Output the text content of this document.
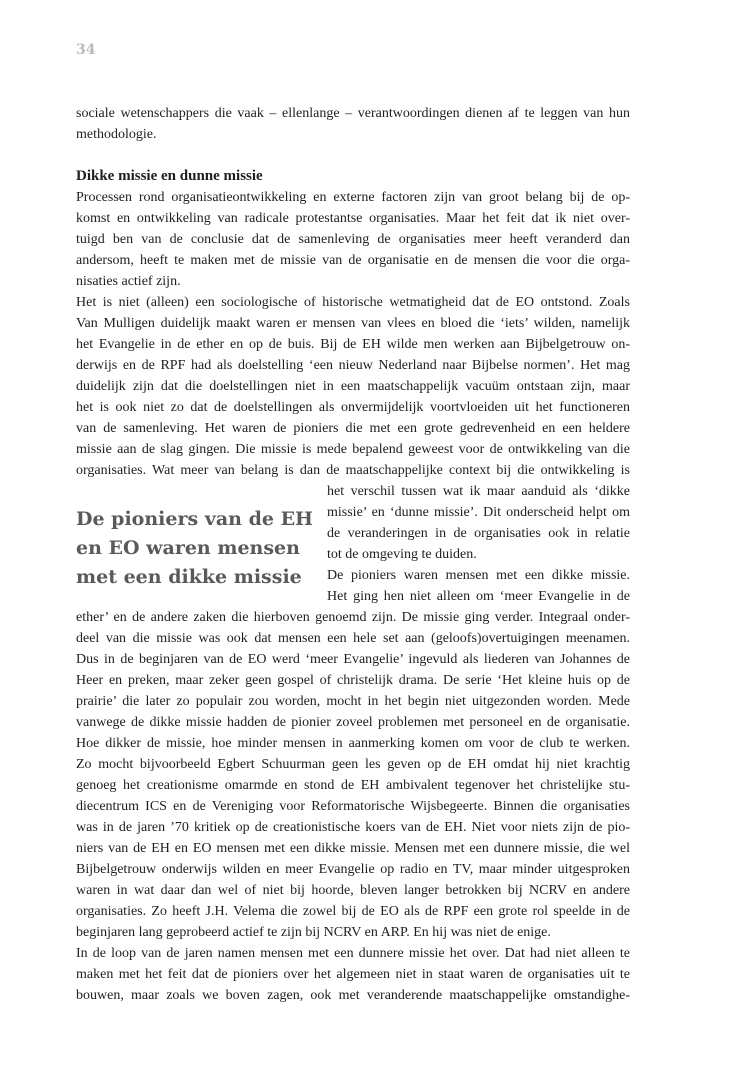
34
sociale wetenschappers die vaak – ellenlange – verantwoordingen dienen af te leggen van hun
methodologie.
Dikke missie en dunne missie
Processen rond organisatieontwikkeling en externe factoren zijn van groot belang bij de op-
komst en ontwikkeling van radicale protestantse organisaties. Maar het feit dat ik niet over-
tuigd ben van de conclusie dat de samenleving de organisaties meer heeft veranderd dan
andersom, heeft te maken met de missie van de organisatie en de mensen die voor die orga-
nisaties actief zijn.
Het is niet (alleen) een sociologische of historische wetmatigheid dat de EO ontstond. Zoals
Van Mulligen duidelijk maakt waren er mensen van vlees en bloed die ‘iets’ wilden, namelijk
het Evangelie in de ether en op de buis. Bij de EH wilde men werken aan Bijbelgetrouw on-
derwijs en de RPF had als doelstelling ‘een nieuw Nederland naar Bijbelse normen’. Het mag
duidelijk zijn dat die doelstellingen niet in een maatschappelijk vacuüm ontstaan zijn, maar
het is ook niet zo dat de doelstellingen als onvermijdelijk voortvloeiden uit het functioneren
van de samenleving. Het waren de pioniers die met een grote gedrevenheid en een heldere
missie aan de slag gingen. Die missie is mede bepalend geweest voor de ontwikkeling van die
organisaties. Wat meer van belang is dan de maatschappelijke context bij die ontwikkeling is
het verschil tussen wat ik maar aanduid als ‘dikke
missie’ en ‘dunne missie’. Dit onderscheid helpt om
de veranderingen in de organisaties ook in relatie
tot de omgeving te duiden.
De pioniers waren mensen met een dikke missie.
Het ging hen niet alleen om ‘meer Evangelie in de
ether’ en de andere zaken die hierboven genoemd zijn. De missie ging verder. Integraal onder-
deel van die missie was ook dat mensen een hele set aan (geloofs)overtuigingen meenamen.
Dus in de beginjaren van de EO werd ‘meer Evangelie’ ingevuld als liederen van Johannes de
Heer en preken, maar zeker geen gospel of christelijk drama. De serie ‘Het kleine huis op de
prairie’ die later zo populair zou worden, mocht in het begin niet uitgezonden worden. Mede
vanwege de dikke missie hadden de pionier zoveel problemen met personeel en de organisatie.
Hoe dikker de missie, hoe minder mensen in aanmerking komen om voor de club te werken.
Zo mocht bijvoorbeeld Egbert Schuurman geen les geven op de EH omdat hij niet krachtig
genoeg het creationisme omarmde en stond de EH ambivalent tegenover het christelijke stu-
diecentrum ICS en de Vereniging voor Reformatorische Wijsbegeerte. Binnen die organisaties
was in de jaren ’70 kritiek op de creationistische koers van de EH. Niet voor niets zijn de pio-
niers van de EH en EO mensen met een dikke missie. Mensen met een dunnere missie, die wel
Bijbelgetrouw onderwijs wilden en meer Evangelie op radio en TV, maar minder uitgesproken
waren in wat daar dan wel of niet bij hoorde, bleven langer betrokken bij NCRV en andere
organisaties. Zo heeft J.H. Velema die zowel bij de EO als de RPF een grote rol speelde in de
beginjaren lang geprobeerd actief te zijn bij NCRV en ARP. En hij was niet de enige.
In de loop van de jaren namen mensen met een dunnere missie het over. Dat had niet alleen te
maken met het feit dat de pioniers over het algemeen niet in staat waren de organisaties uit te
bouwen, maar zoals we boven zagen, ook met veranderende maatschappelijke omstandighe-
De pioniers van de EH
en EO waren mensen
met een dikke missie
